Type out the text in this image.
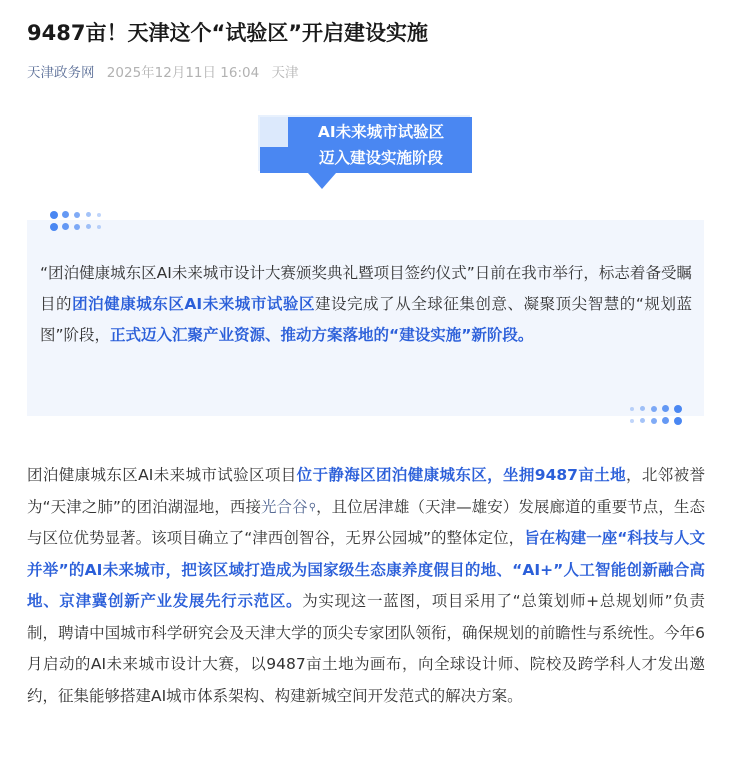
9487亩！天津这个“试验区”开启建设实施
天津政务网 2025年12月11日 16:04 天津
AI未来城市试验区
迈入建设实施阶段

“团泊健康城东区AI未来城市设计大赛颁奖典礼暨项目签约仪式”日前在我市举行，标志着备受瞩目的团泊健康城东区AI未来城市试验区建设完成了从全球征集创意、凝聚顶尖智慧的“规划蓝图”阶段，正式迈入汇聚产业资源、推动方案落地的“建设实施”新阶段。

团泊健康城东区AI未来城市试验区项目位于静海区团泊健康城东区，坐拥9487亩土地，北邻被誉为“天津之肺”的团泊湖湿地，西接光合谷⚲，且位居津雄（天津—雄安）发展廊道的重要节点，生态与区位优势显著。该项目确立了“津西创智谷，无界公园城”的整体定位，旨在构建一座“科技与人文并举”的AI未来城市，把该区域打造成为国家级生态康养度假目的地、“AI+”人工智能创新融合高地、京津冀创新产业发展先行示范区。为实现这一蓝图，项目采用了“总策划师+总规划师”负责制，聘请中国城市科学研究会及天津大学的顶尖专家团队领衔，确保规划的前瞻性与系统性。今年6月启动的AI未来城市设计大赛，以9487亩土地为画布，向全球设计师、院校及跨学科人才发出邀约，征集能够搭建AI城市体系架构、构建新城空间开发范式的解决方案。
